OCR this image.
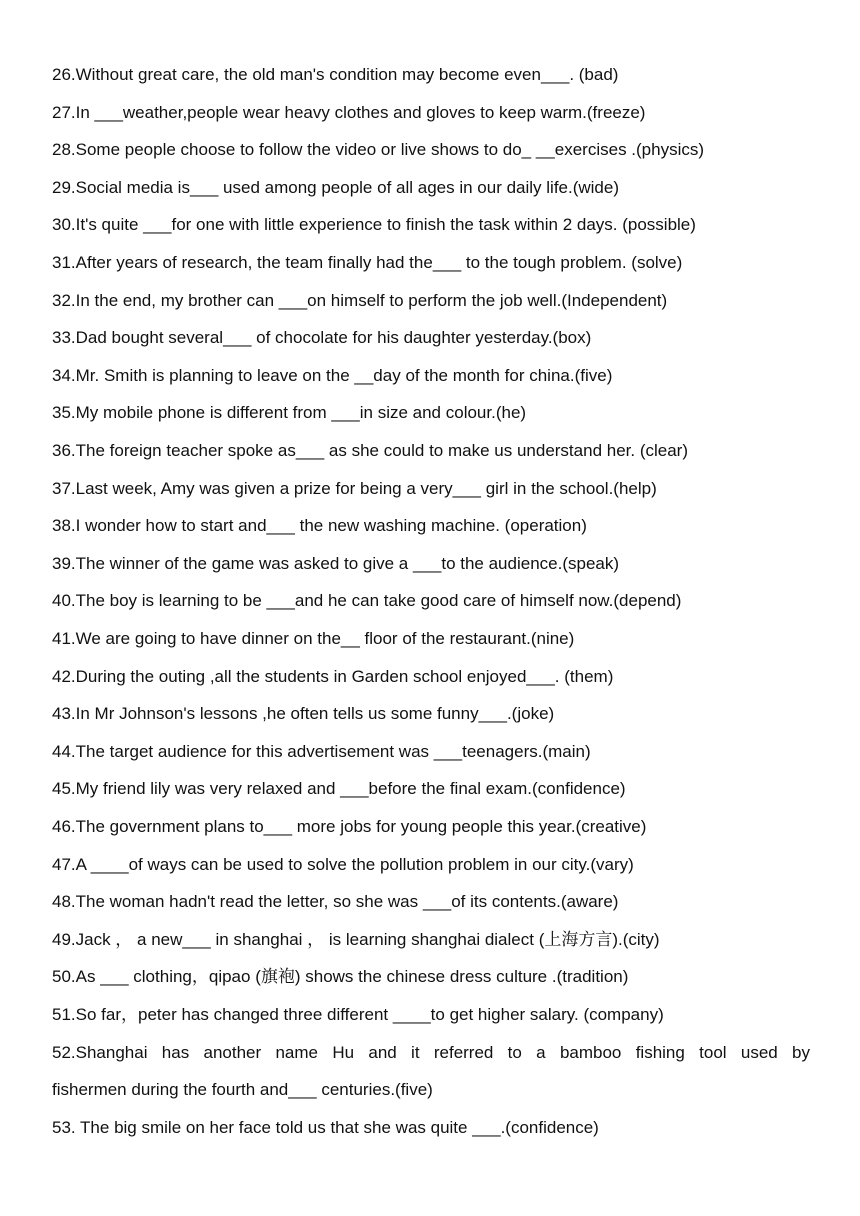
26.Without great care, the old man's condition may become even___. (bad)
27.In ___weather,people wear heavy clothes and gloves to keep warm.(freeze)
28.Some people choose to follow the video or live shows to do_ __exercises .(physics)
29.Social media is___ used among people of all ages in our daily life.(wide)
30.It's quite ___for one with little experience to finish the task within 2 days. (possible)
31.After years of research, the team finally had the___ to the tough problem. (solve)
32.In the end, my brother can ___on himself to perform the job well.(Independent)
33.Dad bought several___ of chocolate for his daughter yesterday.(box)
34.Mr. Smith is planning to leave on the __day of the month for china.(five)
35.My mobile phone is different from ___in size and colour.(he)
36.The foreign teacher spoke as___ as she could to make us understand her. (clear)
37.Last week, Amy was given a prize for being a very___ girl in the school.(help)
38.I wonder how to start and___ the new washing machine. (operation)
39.The winner of the game was asked to give a ___to the audience.(speak)
40.The boy is learning to be ___and he can take good care of himself now.(depend)
41.We are going to have dinner on the__ floor of the restaurant.(nine)
42.During the outing ,all the students in Garden school enjoyed___. (them)
43.In Mr Johnson's lessons ,he often tells us some funny___.(joke)
44.The target audience for this advertisement was ___teenagers.(main)
45.My friend lily was very relaxed and ___before the final exam.(confidence)
46.The government plans to___ more jobs for young people this year.(creative)
47.A ____of ways can be used to solve the pollution problem in our city.(vary)
48.The woman hadn't read the letter, so she was ___of its contents.(aware)
49.Jack ， a new___ in shanghai ， is learning shanghai dialect (上海方言).(city)
50.As ___ clothing，qipao (旗袍) shows the chinese dress culture .(tradition)
51.So far，peter has changed three different ____to get higher salary. (company)
52.Shanghai has another name Hu and it referred to a bamboo fishing tool used by
fishermen during the fourth and___ centuries.(five)
53. The big smile on her face told us that she was quite ___.(confidence)
